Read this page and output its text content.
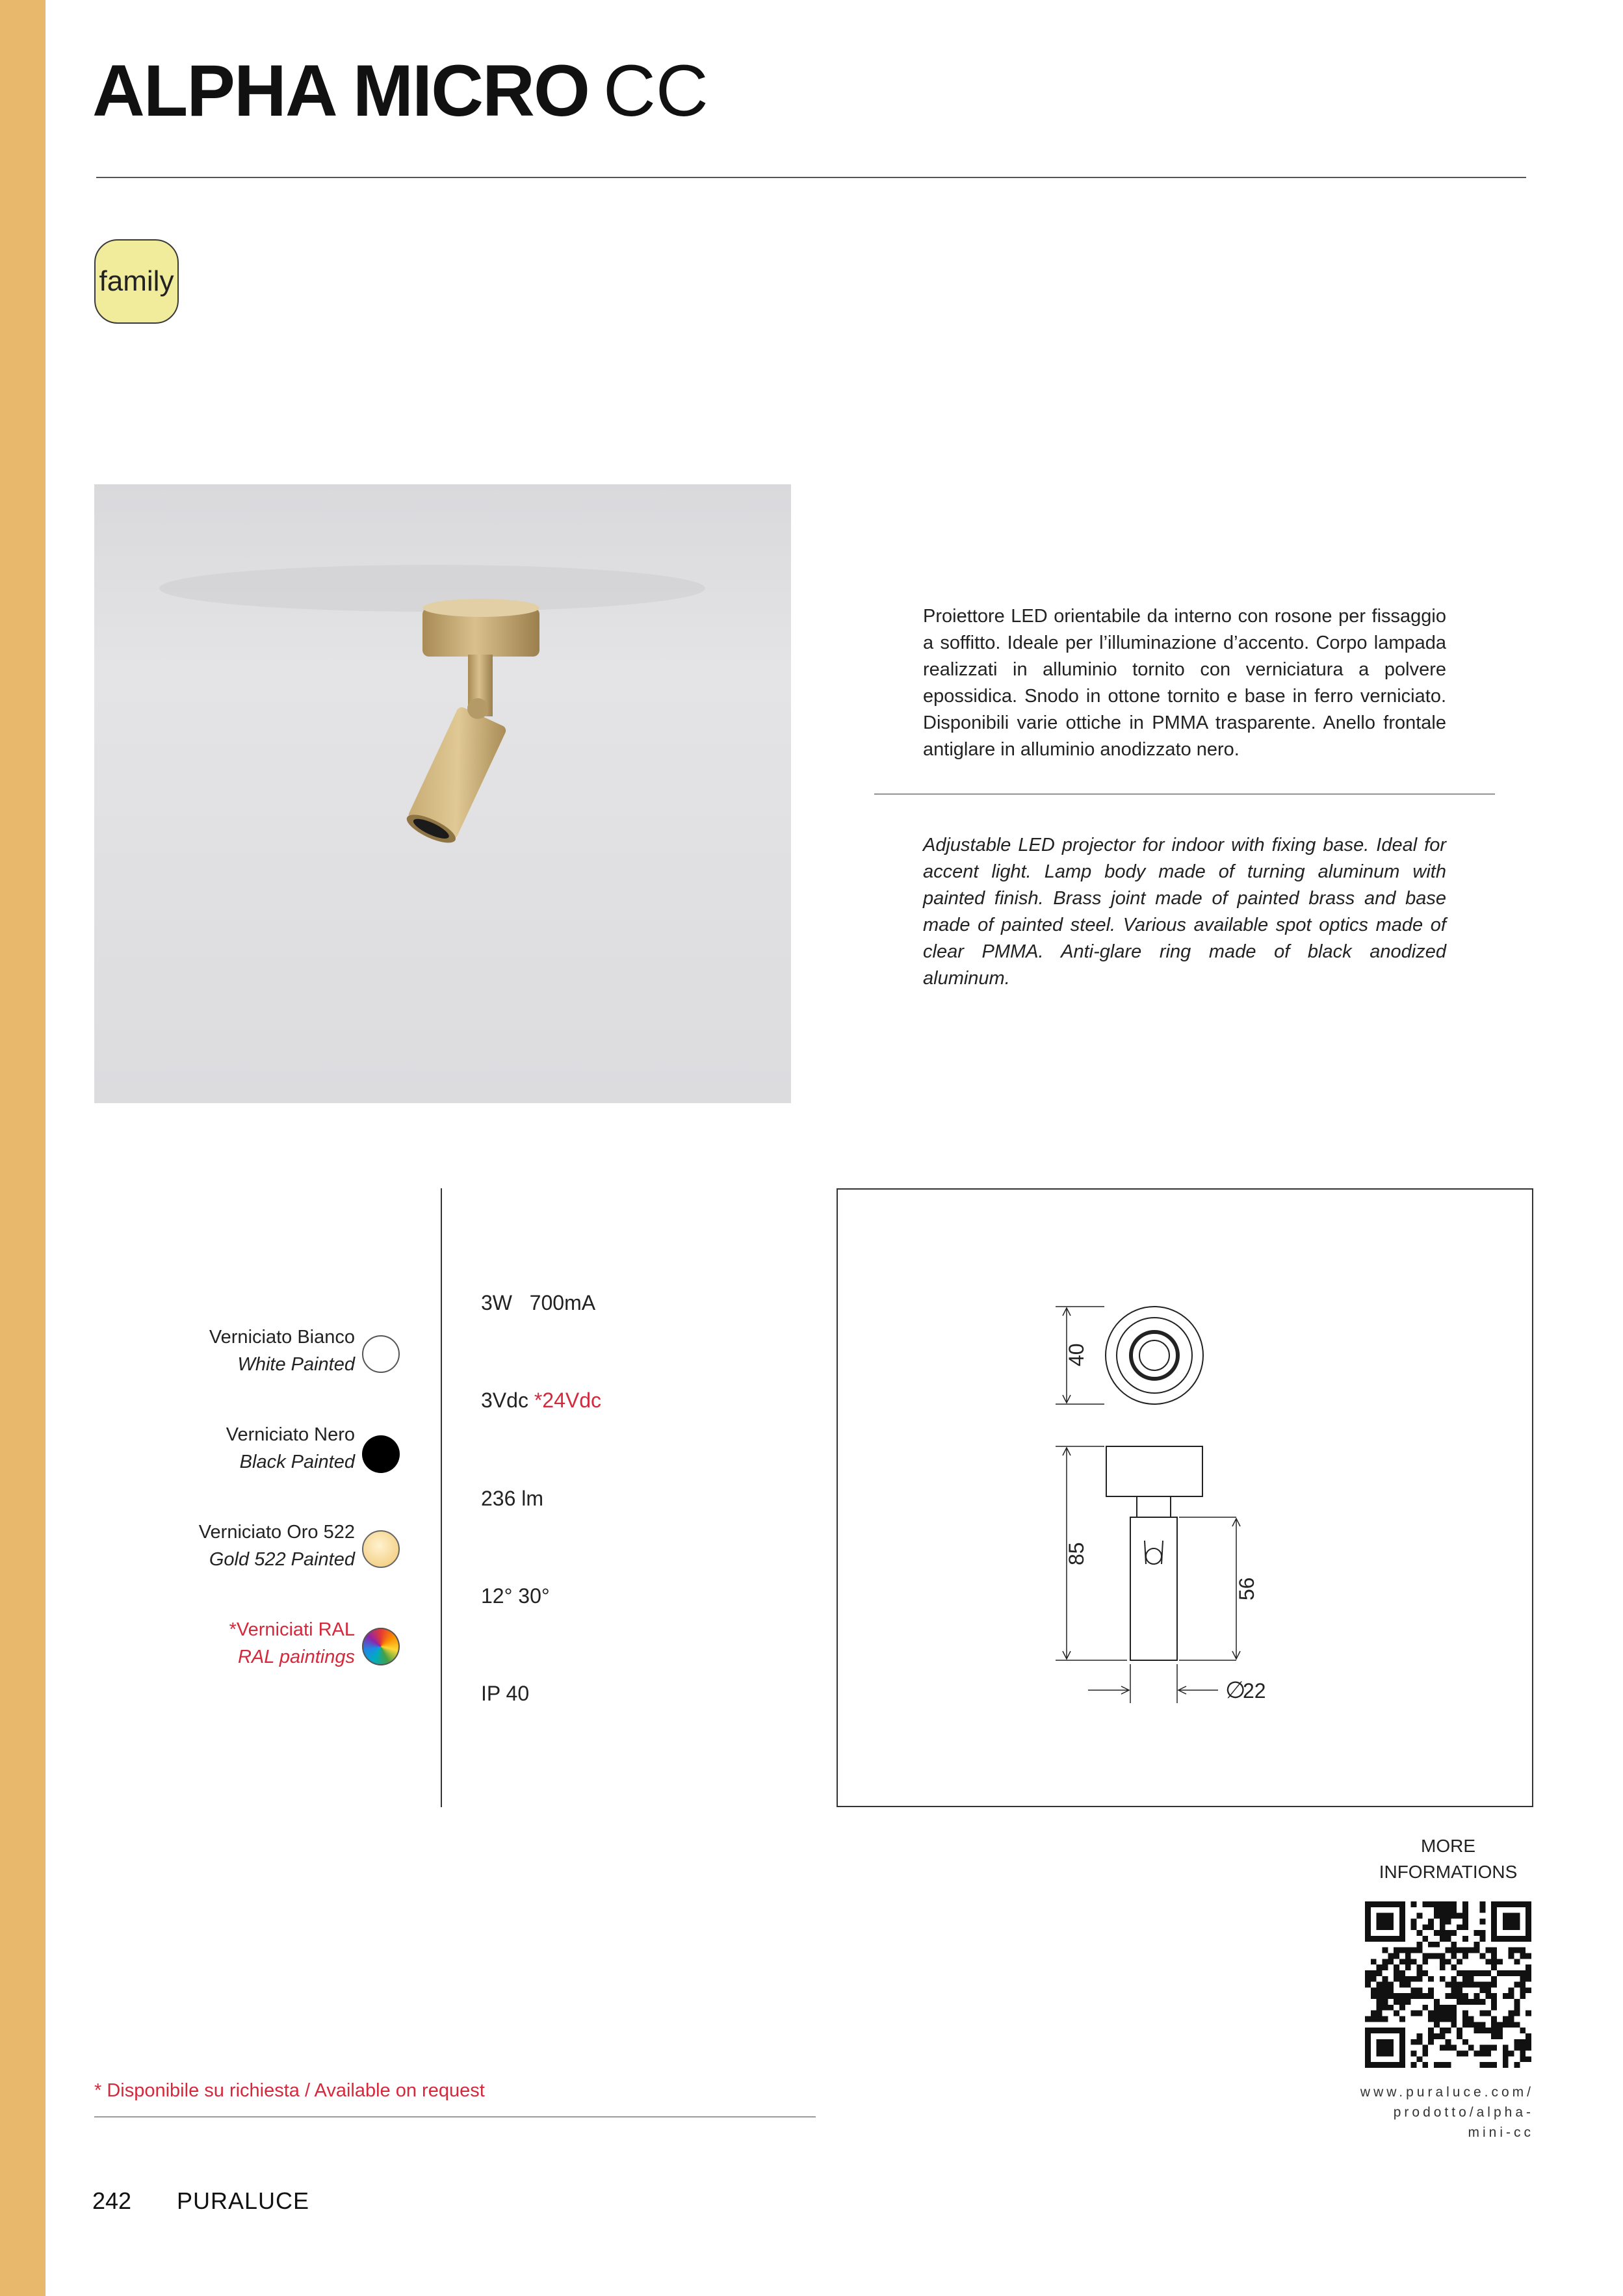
ALPHA MICRO CC
family
Proiettore LED orientabile da interno con rosone per fissaggio a soffitto. Ideale per l’illuminazione d’accento. Corpo lampada realizzati in alluminio tornito con verniciatura a polvere epossidica. Snodo in ottone tornito e base in ferro verniciato. Disponibili varie ottiche in PMMA trasparente. Anello frontale antiglare in alluminio anodizzato nero.
Adjustable LED projector for indoor with fixing base. Ideal for accent light. Lamp body made of turning aluminum with painted finish. Brass joint made of painted brass and base made of painted steel. Various available spot optics made of clear PMMA. Anti-glare ring made of black anodized aluminum.
Verniciato Bianco
White Painted
Verniciato Nero
Black Painted
Verniciato Oro 522
Gold 522 Painted
*Verniciati RAL
RAL paintings
3W   700mA
3Vdc *24Vdc
236 lm
12° 30°
IP 40
40
85
56
∅
22
MORE
INFORMATIONS
www.puraluce.com/
prodotto/alpha-mini-cc
* Disponibile su richiesta / Available on request
242 PURALUCE
